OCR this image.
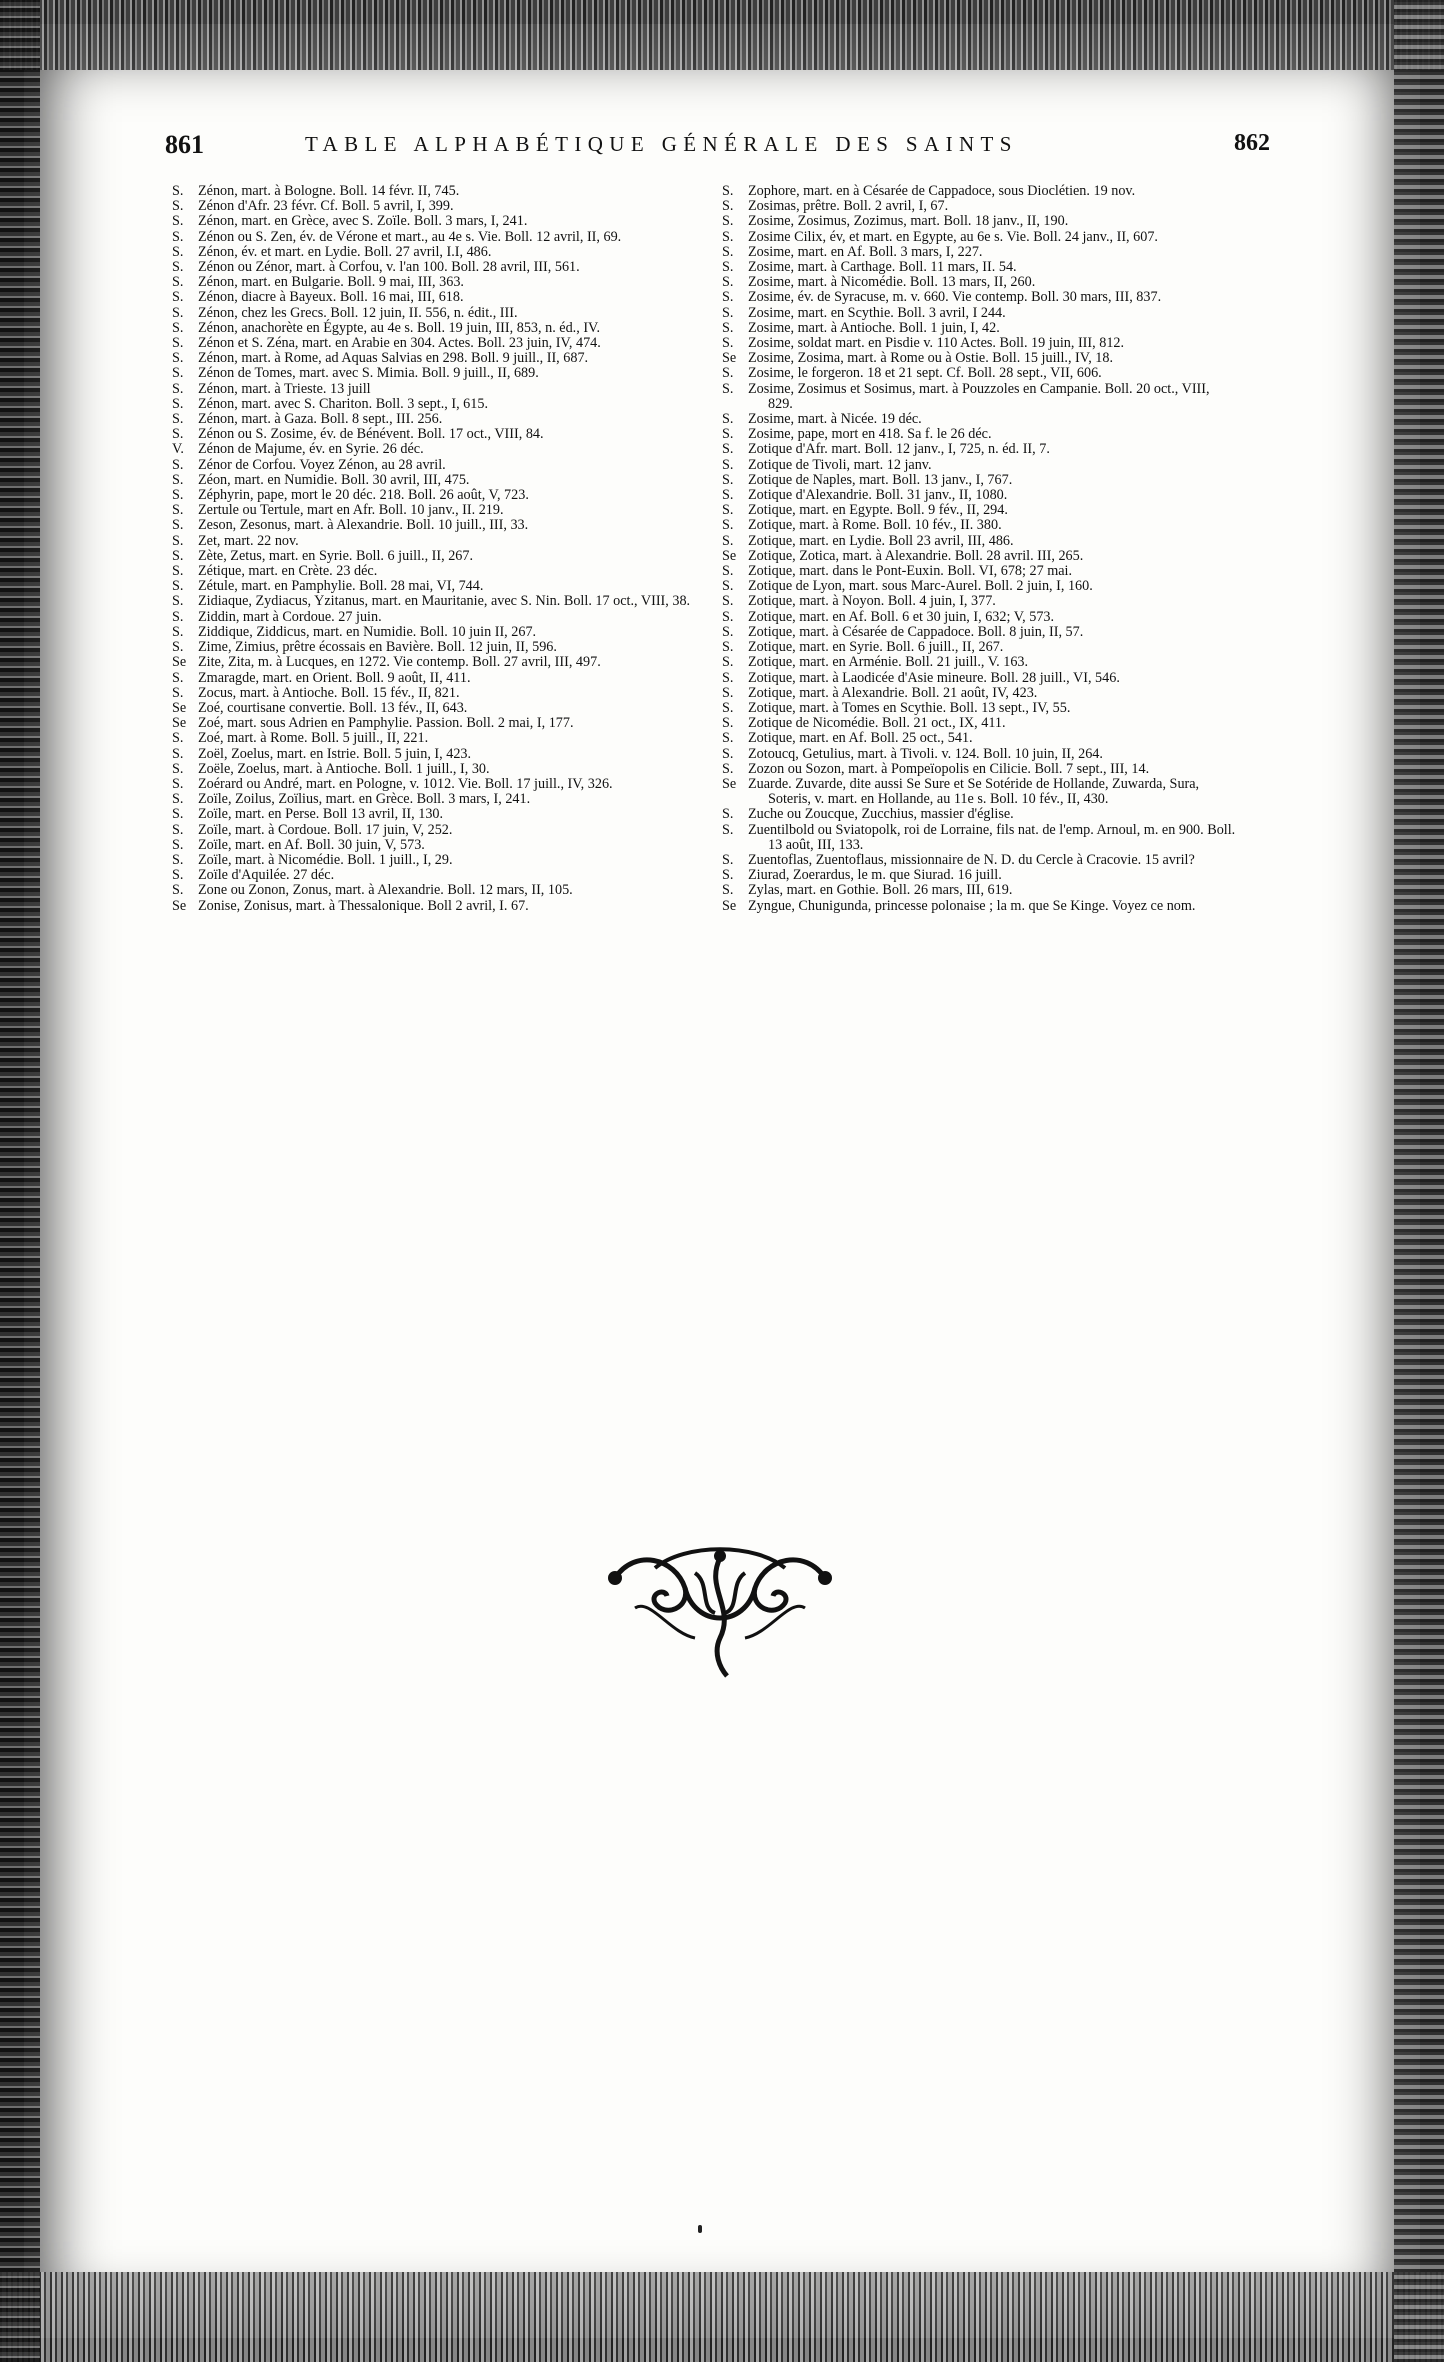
861	TABLE ALPHABÉTIQUE GÉNÉRALE DES SAINTS	862

S. Zénon, mart. à Bologne. Boll. 14 févr. II, 745.

S. Zénon d'Afr. 23 févr. Cf. Boll. 5 avril, I, 399.

S. Zénon, mart. en Grèce, avec S. Zoïle. Boll. 3 mars, I, 241.

S. Zénon ou S. Zen, év. de Vérone et mart., au 4e s. Vie. Boll. 12 avril, II, 69.

S. Zénon, év. et mart. en Lydie. Boll. 27 avril, I.I, 486.

S. Zénon ou Zénor, mart. à Corfou, v. l'an 100. Boll. 28 avril, III, 561.

S. Zénon, mart. en Bulgarie. Boll. 9 mai, III, 363.

S. Zénon, diacre à Bayeux. Boll. 16 mai, III, 618.

S. Zénon, chez les Grecs. Boll. 12 juin, II. 556, n. édit., III.

S. Zénon, anachorète en Égypte, au 4e s. Boll. 19 juin, III, 853, n. éd., IV.

S. Zénon et S. Zéna, mart. en Arabie en 304. Actes. Boll. 23 juin, IV, 474.

S. Zénon, mart. à Rome, ad Aquas Salvias en 298. Boll. 9 juill., II, 687.

S. Zénon de Tomes, mart. avec S. Mimia. Boll. 9 juill., II, 689.

S. Zénon, mart. à Trieste. 13 juill

S. Zénon, mart. avec S. Chariton. Boll. 3 sept., I, 615.

S. Zénon, mart. à Gaza. Boll. 8 sept., III. 256.

S. Zénon ou S. Zosime, év. de Bénévent. Boll. 17 oct., VIII, 84.

V. Zénon de Majume, év. en Syrie. 26 déc.

S. Zénor de Corfou. Voyez Zénon, au 28 avril.

S. Zéon, mart. en Numidie. Boll. 30 avril, III, 475.

S. Zéphyrin, pape, mort le 20 déc. 218. Boll. 26 août, V, 723.

S. Zertule ou Tertule, mart en Afr. Boll. 10 janv., II. 219.

S. Zeson, Zesonus, mart. à Alexandrie. Boll. 10 juill., III, 33.

S. Zet, mart. 22 nov.

S. Zète, Zetus, mart. en Syrie. Boll. 6 juill., II, 267.

S. Zétique, mart. en Crète. 23 déc.

S. Zétule, mart. en Pamphylie. Boll. 28 mai, VI, 744.

S. Zidiaque, Zydiacus, Yzitanus, mart. en Mauritanie, avec S. Nin. Boll. 17 oct., VIII, 38.

S. Ziddin, mart à Cordoue. 27 juin.

S. Ziddique, Ziddicus, mart. en Numidie. Boll. 10 juin II, 267.

S. Zime, Zimius, prêtre écossais en Bavière. Boll. 12 juin, II, 596.

Se Zite, Zita, m. à Lucques, en 1272. Vie contemp. Boll. 27 avril, III, 497.

S. Zmaragde, mart. en Orient. Boll. 9 août, II, 411.

S. Zocus, mart. à Antioche. Boll. 15 fév., II, 821.

Se Zoé, courtisane convertie. Boll. 13 fév., II, 643.

Se Zoé, mart. sous Adrien en Pamphylie. Passion. Boll. 2 mai, I, 177.

S. Zoé, mart. à Rome. Boll. 5 juill., II, 221.

S. Zoël, Zoelus, mart. en Istrie. Boll. 5 juin, I, 423.

S. Zoële, Zoelus, mart. à Antioche. Boll. 1 juill., I, 30.

S. Zoérard ou André, mart. en Pologne, v. 1012. Vie. Boll. 17 juill., IV, 326.

S. Zoïle, Zoilus, Zoïlius, mart. en Grèce. Boll. 3 mars, I, 241.

S. Zoïle, mart. en Perse. Boll 13 avril, II, 130.

S. Zoïle, mart. à Cordoue. Boll. 17 juin, V, 252.

S. Zoïle, mart. en Af. Boll. 30 juin, V, 573.

S. Zoïle, mart. à Nicomédie. Boll. 1 juill., I, 29.

S. Zoïle d'Aquilée. 27 déc.

S. Zone ou Zonon, Zonus, mart. à Alexandrie. Boll. 12 mars, II, 105.

Se Zonise, Zonisus, mart. à Thessalonique. Boll 2 avril, I. 67.

S. Zophore, mart. en à Césarée de Cappadoce, sous Dioclétien. 19 nov.

S. Zosimas, prêtre. Boll. 2 avril, I, 67.

S. Zosime, Zosimus, Zozimus, mart. Boll. 18 janv., II, 190.

S. Zosime Cilix, év, et mart. en Egypte, au 6e s. Vie. Boll. 24 janv., II, 607.

S. Zosime, mart. en Af. Boll. 3 mars, I, 227.

S. Zosime, mart. à Carthage. Boll. 11 mars, II. 54.

S. Zosime, mart. à Nicomédie. Boll. 13 mars, II, 260.

S. Zosime, év. de Syracuse, m. v. 660. Vie contemp. Boll. 30 mars, III, 837.

S. Zosime, mart. en Scythie. Boll. 3 avril, I 244.

S. Zosime, mart. à Antioche. Boll. 1 juin, I, 42.

S. Zosime, soldat mart. en Pisdie v. 110 Actes. Boll. 19 juin, III, 812.

Se Zosime, Zosima, mart. à Rome ou à Ostie. Boll. 15 juill., IV, 18.

S. Zosime, le forgeron. 18 et 21 sept. Cf. Boll. 28 sept., VII, 606.

S. Zosime, Zosimus et Sosimus, mart. à Pouzzoles en Campanie. Boll. 20 oct., VIII, 829.

S. Zosime, mart. à Nicée. 19 déc.

S. Zosime, pape, mort en 418. Sa f. le 26 déc.

S. Zotique d'Afr. mart. Boll. 12 janv., I, 725, n. éd. II, 7.

S. Zotique de Tivoli, mart. 12 janv.

S. Zotique de Naples, mart. Boll. 13 janv., I, 767.

S. Zotique d'Alexandrie. Boll. 31 janv., II, 1080.

S. Zotique, mart. en Egypte. Boll. 9 fév., II, 294.

S. Zotique, mart. à Rome. Boll. 10 fév., II. 380.

S. Zotique, mart. en Lydie. Boll 23 avril, III, 486.

Se Zotique, Zotica, mart. à Alexandrie. Boll. 28 avril. III, 265.

S. Zotique, mart. dans le Pont-Euxin. Boll. VI, 678; 27 mai.

S. Zotique de Lyon, mart. sous Marc-Aurel. Boll. 2 juin, I, 160.

S. Zotique, mart. à Noyon. Boll. 4 juin, I, 377.

S. Zotique, mart. en Af. Boll. 6 et 30 juin, I, 632; V, 573.

S. Zotique, mart. à Césarée de Cappadoce. Boll. 8 juin, II, 57.

S. Zotique, mart. en Syrie. Boll. 6 juill., II, 267.

S. Zotique, mart. en Arménie. Boll. 21 juill., V. 163.

S. Zotique, mart. à Laodicée d'Asie mineure. Boll. 28 juill., VI, 546.

S. Zotique, mart. à Alexandrie. Boll. 21 août, IV, 423.

S. Zotique, mart. à Tomes en Scythie. Boll. 13 sept., IV, 55.

S. Zotique de Nicomédie. Boll. 21 oct., IX, 411.

S. Zotique, mart. en Af. Boll. 25 oct., 541.

S. Zotoucq, Getulius, mart. à Tivoli. v. 124. Boll. 10 juin, II, 264.

S. Zozon ou Sozon, mart. à Pompeïopolis en Cilicie. Boll. 7 sept., III, 14.

Se Zuarde. Zuvarde, dite aussi Se Sure et Se Sotéride de Hollande, Zuwarda, Sura, Soteris, v. mart. en Hollande, au 11e s. Boll. 10 fév., II, 430.

S. Zuche ou Zoucque, Zucchius, massier d'église.

S. Zuentilbold ou Sviatopolk, roi de Lorraine, fils nat. de l'emp. Arnoul, m. en 900. Boll. 13 août, III, 133.

S. Zuentoflas, Zuentoflaus, missionnaire de N. D. du Cercle à Cracovie. 15 avril?

S. Ziurad, Zoerardus, le m. que Siurad. 16 juill.

S. Zylas, mart. en Gothie. Boll. 26 mars, III, 619.

Se Zyngue, Chunigunda, princesse polonaise ; la m. que Se Kinge. Voyez ce nom.
